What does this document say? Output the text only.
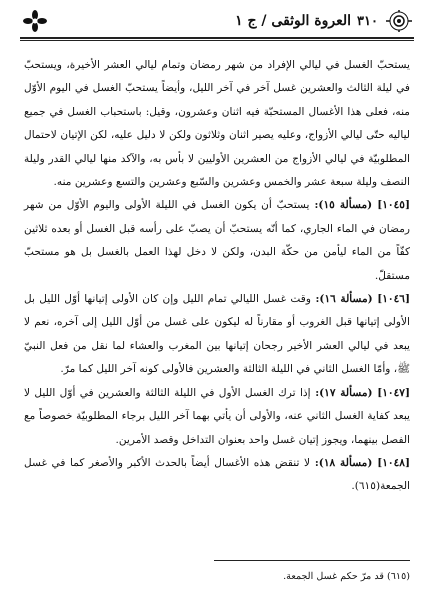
٣١٠
العروة الوثقى / ج ١

يستحبّ الغسل في ليالي الإفراد من شهر رمضان وتمام ليالي العشر الأخيرة، ويستحبّ في ليلة الثالث والعشرين غسل آخر في آخر الليل، وأيضاً يستحبّ الغسل في اليوم الأوّل منه، فعلى هذا الأغسال المستحبّة فيه اثنان وعشرون، وقيل: باستحباب الغسل في جميع لياليه حتّى ليالي الأزواج، وعليه يصير اثنان وثلاثون ولكن لا دليل عليه، لكن الإتيان لاحتمال المطلوبيّة في ليالي الأزواج من العشرين الأوليين لا بأس به، والآكد منها ليالي القدر وليلة النصف وليلة سبعة عشر والخمس وعشرين والسّبع وعشرين والتسع وعشرين منه.

[١٠٤٥] (مسألة ١٥): يستحبّ أن يكون الغسل في الليلة الأولى واليوم الأوّل من شهر رمضان في الماء الجاري، كما أنّه يستحبّ أن يصبّ على رأسه قبل الغسل أو بعده ثلاثين كفّاً من الماء ليأمن من حكّة البدن، ولكن لا دخل لهذا العمل بالغسل بل هو مستحبّ مستقلّ.

[١٠٤٦] (مسألة ١٦): وقت غسل الليالي تمام الليل وإن كان الأولى إتيانها أوّل الليل بل الأولى إتيانها قبل الغروب أو مقارناً له ليكون على غسل من أوّل الليل إلى آخره، نعم لا يبعد في ليالي العشر الأخير رجحان إتيانها بين المغرب والعشاء لما نقل من فعل النبيّ ﷺ، وأمّا الغسل الثاني في الليلة الثالثة والعشرين فالأولى كونه آخر الليل كما مرّ.

[١٠٤٧] (مسألة ١٧): إذا ترك الغسل الأول في الليلة الثالثة والعشرين في أوّل الليل لا يبعد كفاية الغسل الثاني عنه، والأولى أن يأتي بهما آخر الليل برجاء المطلوبيّة خصوصاً مع الفصل بينهما، ويجوز إتيان غسل واحد بعنوان التداخل وقصد الأمرين.

[١٠٤٨] (مسألة ١٨): لا تنقض هذه الأغسال أيضاً بالحدث الأكبر والأصغر كما في غسل الجمعة(٦١٥).

(٦١٥) قد مرّ حكم غسل الجمعة.
